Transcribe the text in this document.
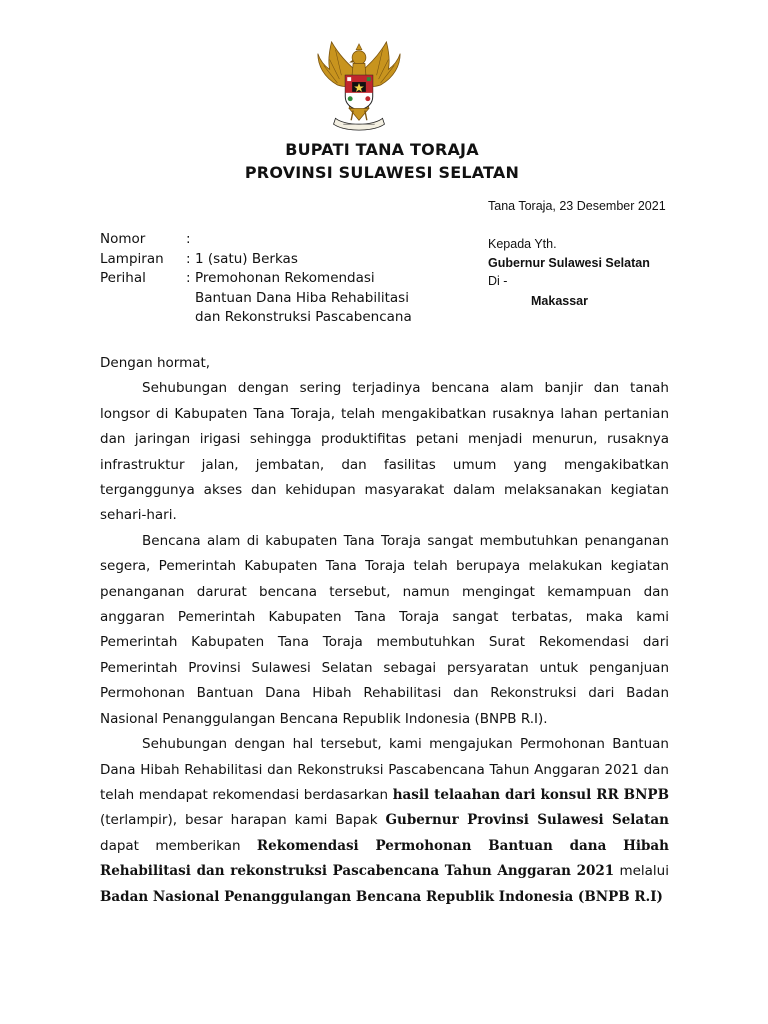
BUPATI TANA TORAJA
PROVINSI SULAWESI SELATAN
Tana Toraja, 23 Desember 2021
Nomor	:
Lampiran	: 1 (satu) Berkas
Perihal	: Premohonan Rekomendasi
Bantuan Dana Hiba Rehabilitasi
dan Rekonstruksi Pascabencana
Kepada Yth.
Gubernur Sulawesi Selatan
Di -
Makassar

Dengan hormat,

Sehubungan dengan sering terjadinya bencana alam banjir dan tanah longsor di Kabupaten Tana Toraja, telah mengakibatkan rusaknya lahan pertanian dan jaringan irigasi sehingga produktifitas petani menjadi menurun, rusaknya infrastruktur jalan, jembatan, dan fasilitas umum yang mengakibatkan terganggunya akses dan kehidupan masyarakat dalam melaksanakan kegiatan sehari-hari.

Bencana alam di kabupaten Tana Toraja sangat membutuhkan penanganan segera, Pemerintah Kabupaten Tana Toraja telah berupaya melakukan kegiatan penanganan darurat bencana tersebut, namun mengingat kemampuan dan anggaran Pemerintah Kabupaten Tana Toraja sangat terbatas, maka kami Pemerintah Kabupaten Tana Toraja membutuhkan Surat Rekomendasi dari Pemerintah Provinsi Sulawesi Selatan sebagai persyaratan untuk penganjuan Permohonan Bantuan Dana Hibah Rehabilitasi dan Rekonstruksi dari Badan Nasional Penanggulangan Bencana Republik Indonesia (BNPB R.I).

Sehubungan dengan hal tersebut, kami mengajukan Permohonan Bantuan Dana Hibah Rehabilitasi dan Rekonstruksi Pascabencana Tahun Anggaran 2021 dan telah mendapat rekomendasi berdasarkan hasil telaahan dari konsul RR BNPB (terlampir), besar harapan kami Bapak Gubernur Provinsi Sulawesi Selatan dapat memberikan Rekomendasi Permohonan Bantuan dana Hibah Rehabilitasi dan rekonstruksi Pascabencana Tahun Anggaran 2021 melalui Badan Nasional Penanggulangan Bencana Republik Indonesia (BNPB R.I)
